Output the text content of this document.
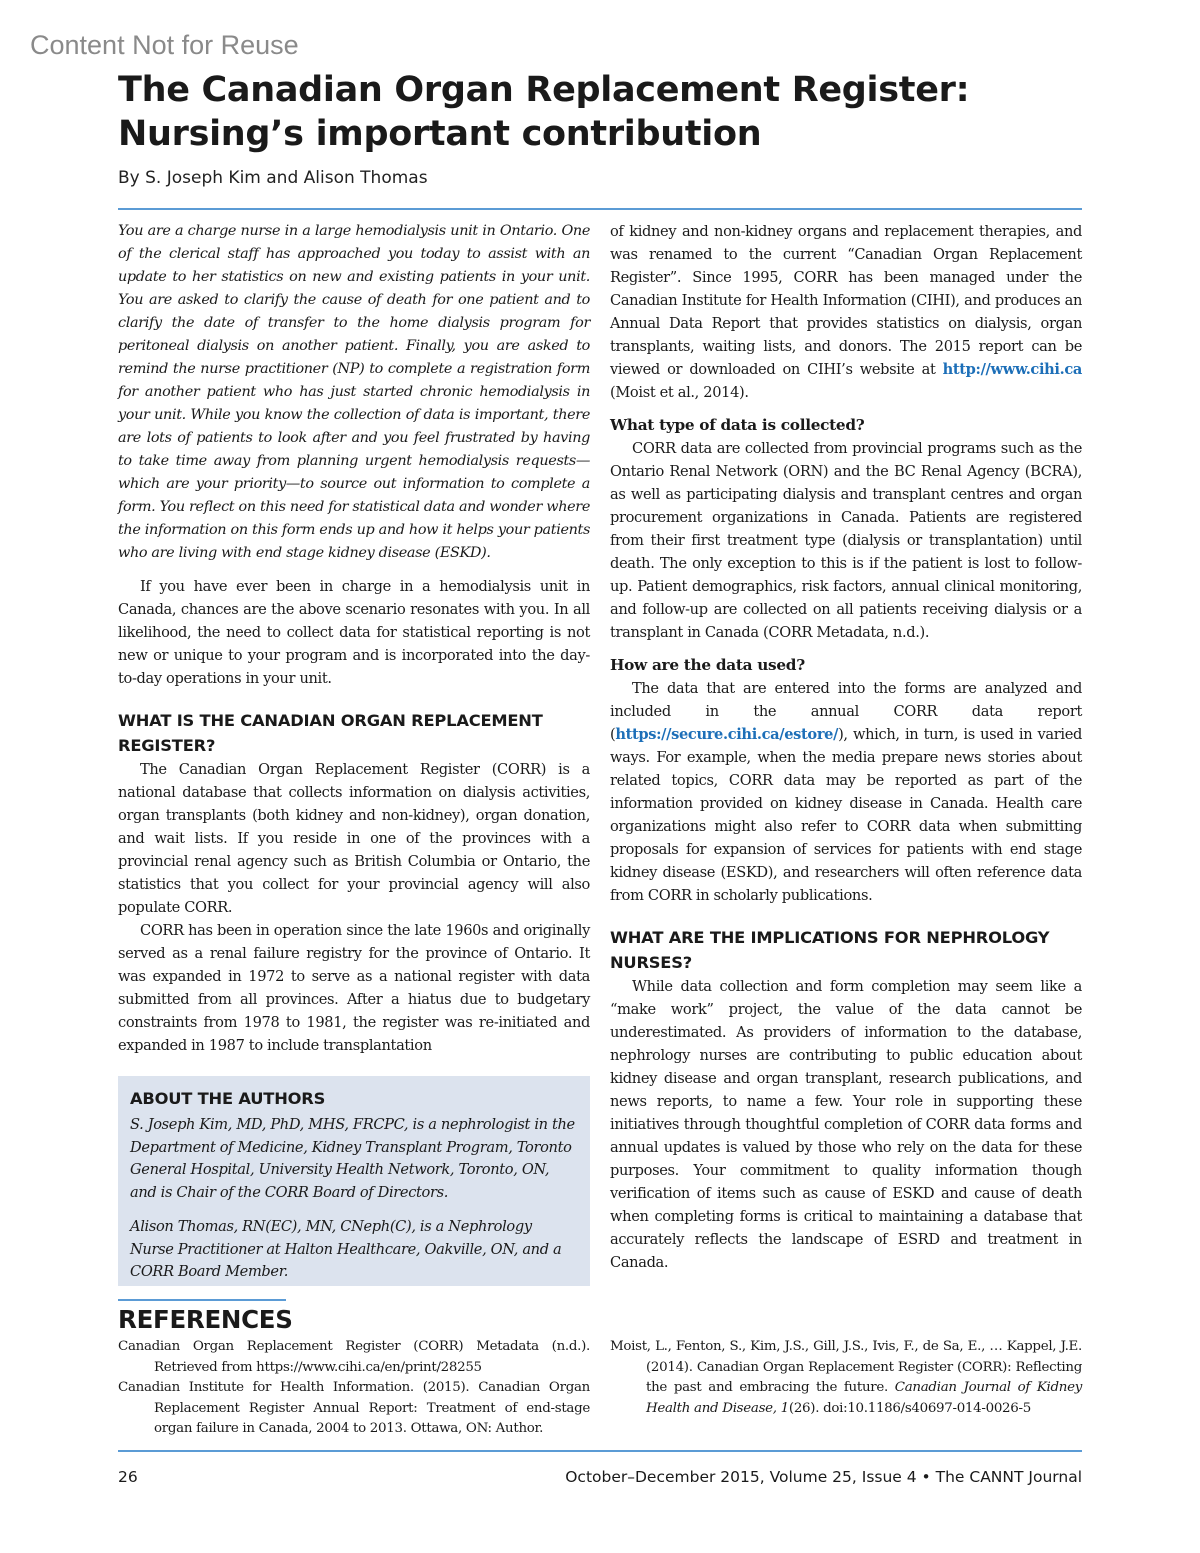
Content Not for Reuse
The Canadian Organ Replacement Register:
Nursing’s important contribution
By S. Joseph Kim and Alison Thomas

You are a charge nurse in a large hemodialysis unit in Ontario. One of the clerical staff has approached you today to assist with an update to her statistics on new and existing patients in your unit. You are asked to clarify the cause of death for one patient and to clarify the date of transfer to the home dialysis program for peritoneal dialysis on another patient. Finally, you are asked to remind the nurse practitioner (NP) to complete a registration form for another patient who has just started chronic hemodialysis in your unit. While you know the collection of data is important, there are lots of patients to look after and you feel frustrated by having to take time away from planning urgent hemodialysis requests—which are your priority—to source out information to complete a form. You reflect on this need for statistical data and wonder where the information on this form ends up and how it helps your patients who are living with end stage kidney disease (ESKD).

If you have ever been in charge in a hemodialysis unit in Canada, chances are the above scenario resonates with you. In all likelihood, the need to collect data for statistical reporting is not new or unique to your program and is incorporated into the day-to-day operations in your unit.

WHAT IS THE CANADIAN ORGAN REPLACEMENT REGISTER?

The Canadian Organ Replacement Register (CORR) is a national database that collects information on dialysis activities, organ transplants (both kidney and non-kidney), organ donation, and wait lists. If you reside in one of the provinces with a provincial renal agency such as British Columbia or Ontario, the statistics that you collect for your provincial agency will also populate CORR.

CORR has been in operation since the late 1960s and originally served as a renal failure registry for the province of Ontario. It was expanded in 1972 to serve as a national register with data submitted from all provinces. After a hiatus due to budgetary constraints from 1978 to 1981, the register was re-initiated and expanded in 1987 to include transplantation

ABOUT THE AUTHORS

S. Joseph Kim, MD, PhD, MHS, FRCPC, is a nephrologist in the Department of Medicine, Kidney Transplant Program, Toronto General Hospital, University Health Network, Toronto, ON, and is Chair of the CORR Board of Directors.

Alison Thomas, RN(EC), MN, CNeph(C), is a Nephrology Nurse Practitioner at Halton Healthcare, Oakville, ON, and a CORR Board Member.

of kidney and non-kidney organs and replacement therapies, and was renamed to the current “Canadian Organ Replacement Register”. Since 1995, CORR has been managed under the Canadian Institute for Health Information (CIHI), and produces an Annual Data Report that provides statistics on dialysis, organ transplants, waiting lists, and donors. The 2015 report can be viewed or downloaded on CIHI’s website at http://www.cihi.ca (Moist et al., 2014).

What type of data is collected?

CORR data are collected from provincial programs such as the Ontario Renal Network (ORN) and the BC Renal Agency (BCRA), as well as participating dialysis and transplant centres and organ procurement organizations in Canada. Patients are registered from their first treatment type (dialysis or transplantation) until death. The only exception to this is if the patient is lost to follow-up. Patient demographics, risk factors, annual clinical monitoring, and follow-up are collected on all patients receiving dialysis or a transplant in Canada (CORR Metadata, n.d.).

How are the data used?

The data that are entered into the forms are analyzed and included in the annual CORR data report (https://secure.cihi.ca/estore/), which, in turn, is used in varied ways. For example, when the media prepare news stories about related topics, CORR data may be reported as part of the information provided on kidney disease in Canada. Health care organizations might also refer to CORR data when submitting proposals for expansion of services for patients with end stage kidney disease (ESKD), and researchers will often reference data from CORR in scholarly publications.

WHAT ARE THE IMPLICATIONS FOR NEPHROLOGY NURSES?

While data collection and form completion may seem like a “make work” project, the value of the data cannot be underestimated. As providers of information to the database, nephrology nurses are contributing to public education about kidney disease and organ transplant, research publications, and news reports, to name a few. Your role in supporting these initiatives through thoughtful completion of CORR data forms and annual updates is valued by those who rely on the data for these purposes. Your commitment to quality information though verification of items such as cause of ESKD and cause of death when completing forms is critical to maintaining a database that accurately reflects the landscape of ESRD and treatment in Canada.

REFERENCES

Canadian Organ Replacement Register (CORR) Metadata (n.d.). Retrieved from https://www.cihi.ca/en/print/28255

Canadian Institute for Health Information. (2015). Canadian Organ Replacement Register Annual Report: Treatment of end-stage organ failure in Canada, 2004 to 2013. Ottawa, ON: Author.

Moist, L., Fenton, S., Kim, J.S., Gill, J.S., Ivis, F., de Sa, E., … Kappel, J.E. (2014). Canadian Organ Replacement Register (CORR): Reflecting the past and embracing the future. Canadian Journal of Kidney Health and Disease, 1(26). doi:10.1186/s40697-014-0026-5

26	October–December 2015, Volume 25, Issue 4 • The CANNT Journal
